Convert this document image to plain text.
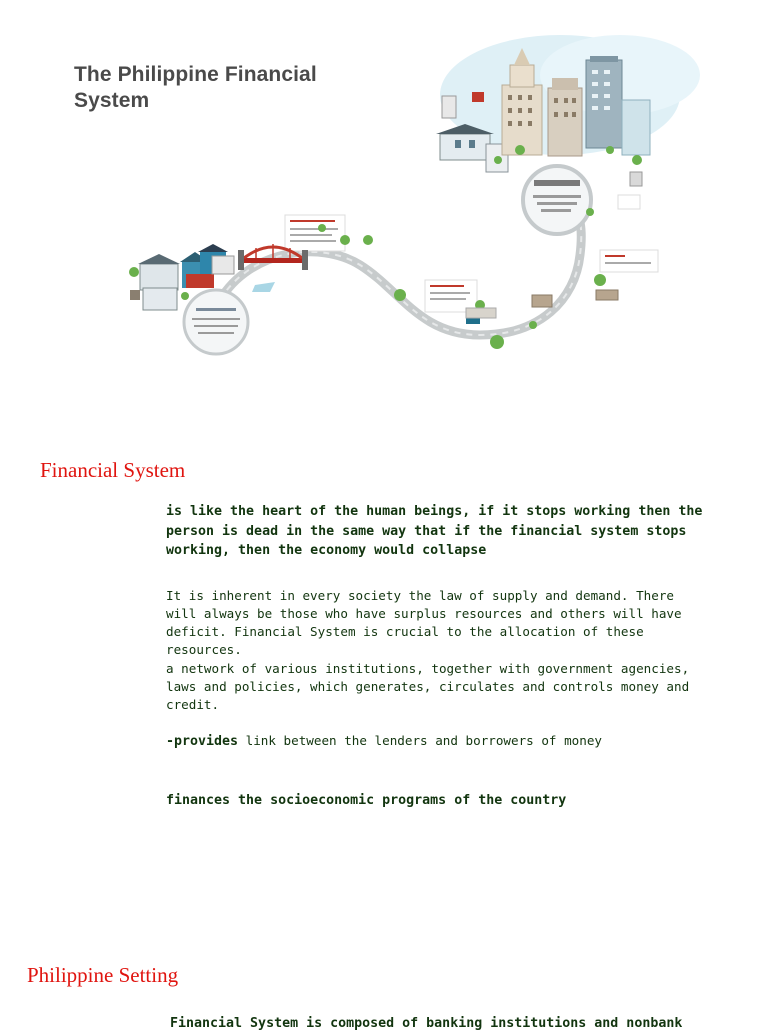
The Philippine Financial System
Financial System
is like the heart of the human beings, if it stops working then the person is dead in the same way that if the financial system stops working, then the economy would collapse
It is inherent in every society the law of supply and demand. There will always be those who have surplus resources and others will have deficit. Financial System is crucial to the allocation of these resources.
a network of various institutions, together with government agencies, laws and policies, which generates, circulates and controls money and credit.
-provides link between the lenders and borrowers of money
finances the socioeconomic programs of the country
Philippine Setting
Financial System is composed of banking institutions and nonbank
